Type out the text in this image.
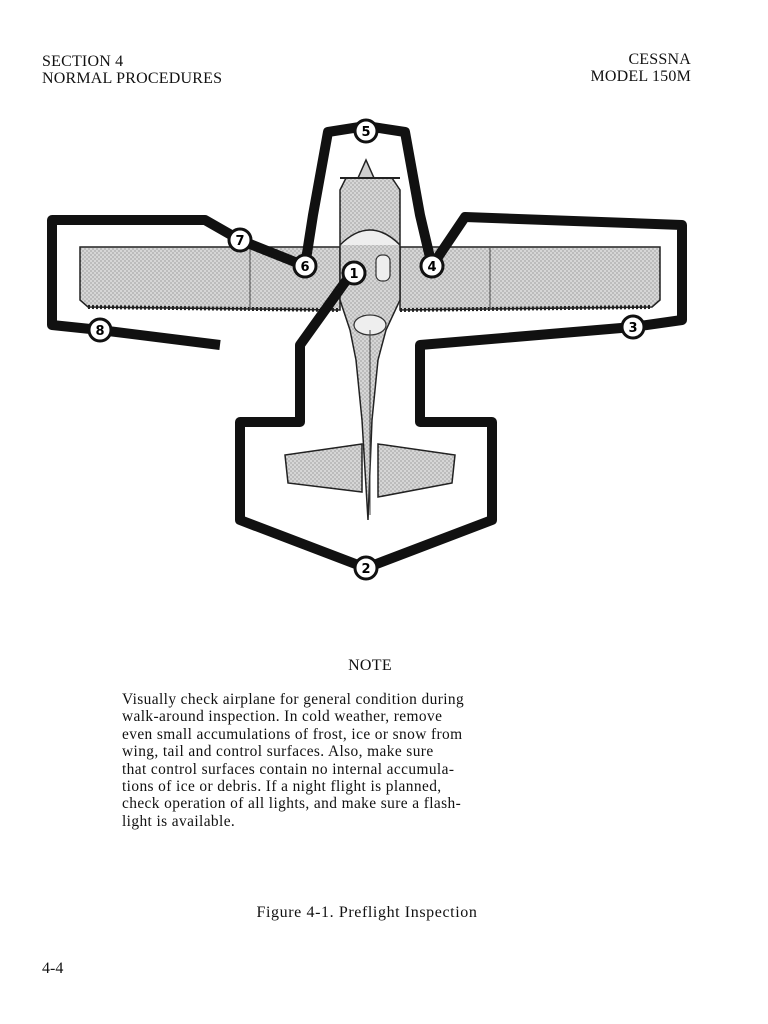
SECTION 4
NORMAL PROCEDURES
CESSNA
MODEL 150M
1
2
3
4
5
6
7
8
NOTE
Visually check airplane for general condition during
walk-around inspection. In cold weather, remove
even small accumulations of frost, ice or snow from
wing, tail and control surfaces. Also, make sure
that control surfaces contain no internal accumula-
tions of ice or debris. If a night flight is planned,
check operation of all lights, and make sure a flash-
light is available.
Figure 4-1. Preflight Inspection
4-4
